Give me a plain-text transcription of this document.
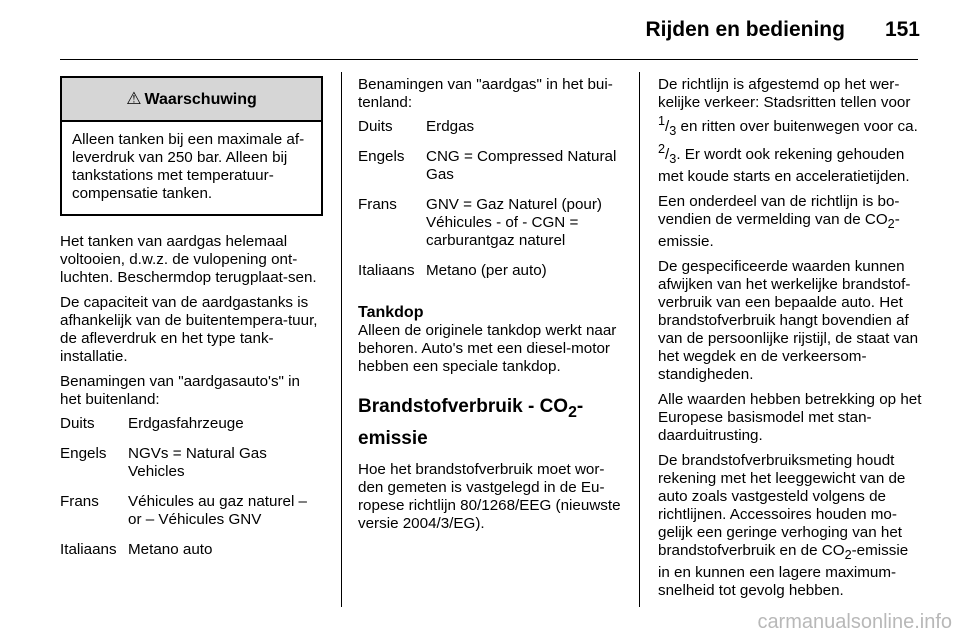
Rijden en bediening 151
⚠ Waarschuwing
Alleen tanken bij een maximale af-leverdruk van 250 bar. Alleen bij tankstations met temperatuur-compensatie tanken.

Het tanken van aardgas helemaal voltooien, d.w.z. de vulopening ont-luchten. Beschermdop terugplaat-sen.

De capaciteit van de aardgastanks is afhankelijk van de buitentempera-tuur, de afleverdruk en het type tank-installatie.

Benamingen van "aardgasauto's" in het buitenland:

Duits	Erdgasfahrzeuge
Engels	NGVs = Natural Gas Vehicles
Frans	Véhicules au gaz naturel – or – Véhicules GNV
Italiaans	Metano auto

Benamingen van "aardgas" in het bui-tenland:

Duits	Erdgas
Engels	CNG = Compressed Natural Gas
Frans	GNV = Gaz Naturel (pour) Véhicules - of - CGN = carburantgaz naturel
Italiaans	Metano (per auto)
Tankdop

Alleen de originele tankdop werkt naar behoren. Auto's met een diesel-motor hebben een speciale tankdop.

Brandstofverbruik - $CO_2-$
emissie

Hoe het brandstofverbruik moet wor-den gemeten is vastgelegd in de Eu-ropese richtlijn 80/1268/EEG (nieuwste versie 2004/3/EG).

De richtlijn is afgestemd op het wer-kelijke verkeer: Stadsritten tellen voor $^1/_3$ en ritten over buitenwegen voor ca. $^2/_3$. Er wordt ook rekening gehouden met koude starts en acceleratietijden.

Een onderdeel van de richtlijn is bo-vendien de vermelding van de $CO_2$-emissie.

De gespecificeerde waarden kunnen afwijken van het werkelijke brandstof-verbruik van een bepaalde auto. Het brandstofverbruik hangt bovendien af van de persoonlijke rijstijl, de staat van het wegdek en de verkeersom-standigheden.

Alle waarden hebben betrekking op het Europese basismodel met stan-daarduitrusting.

De brandstofverbruiksmeting houdt rekening met het leeggewicht van de auto zoals vastgesteld volgens de richtlijnen. Accessoires houden mo-gelijk een geringe verhoging van het brandstofverbruik en de $CO_2$-emissie in en kunnen een lagere maximum-snelheid tot gevolg hebben.

carmanualsonline.info
